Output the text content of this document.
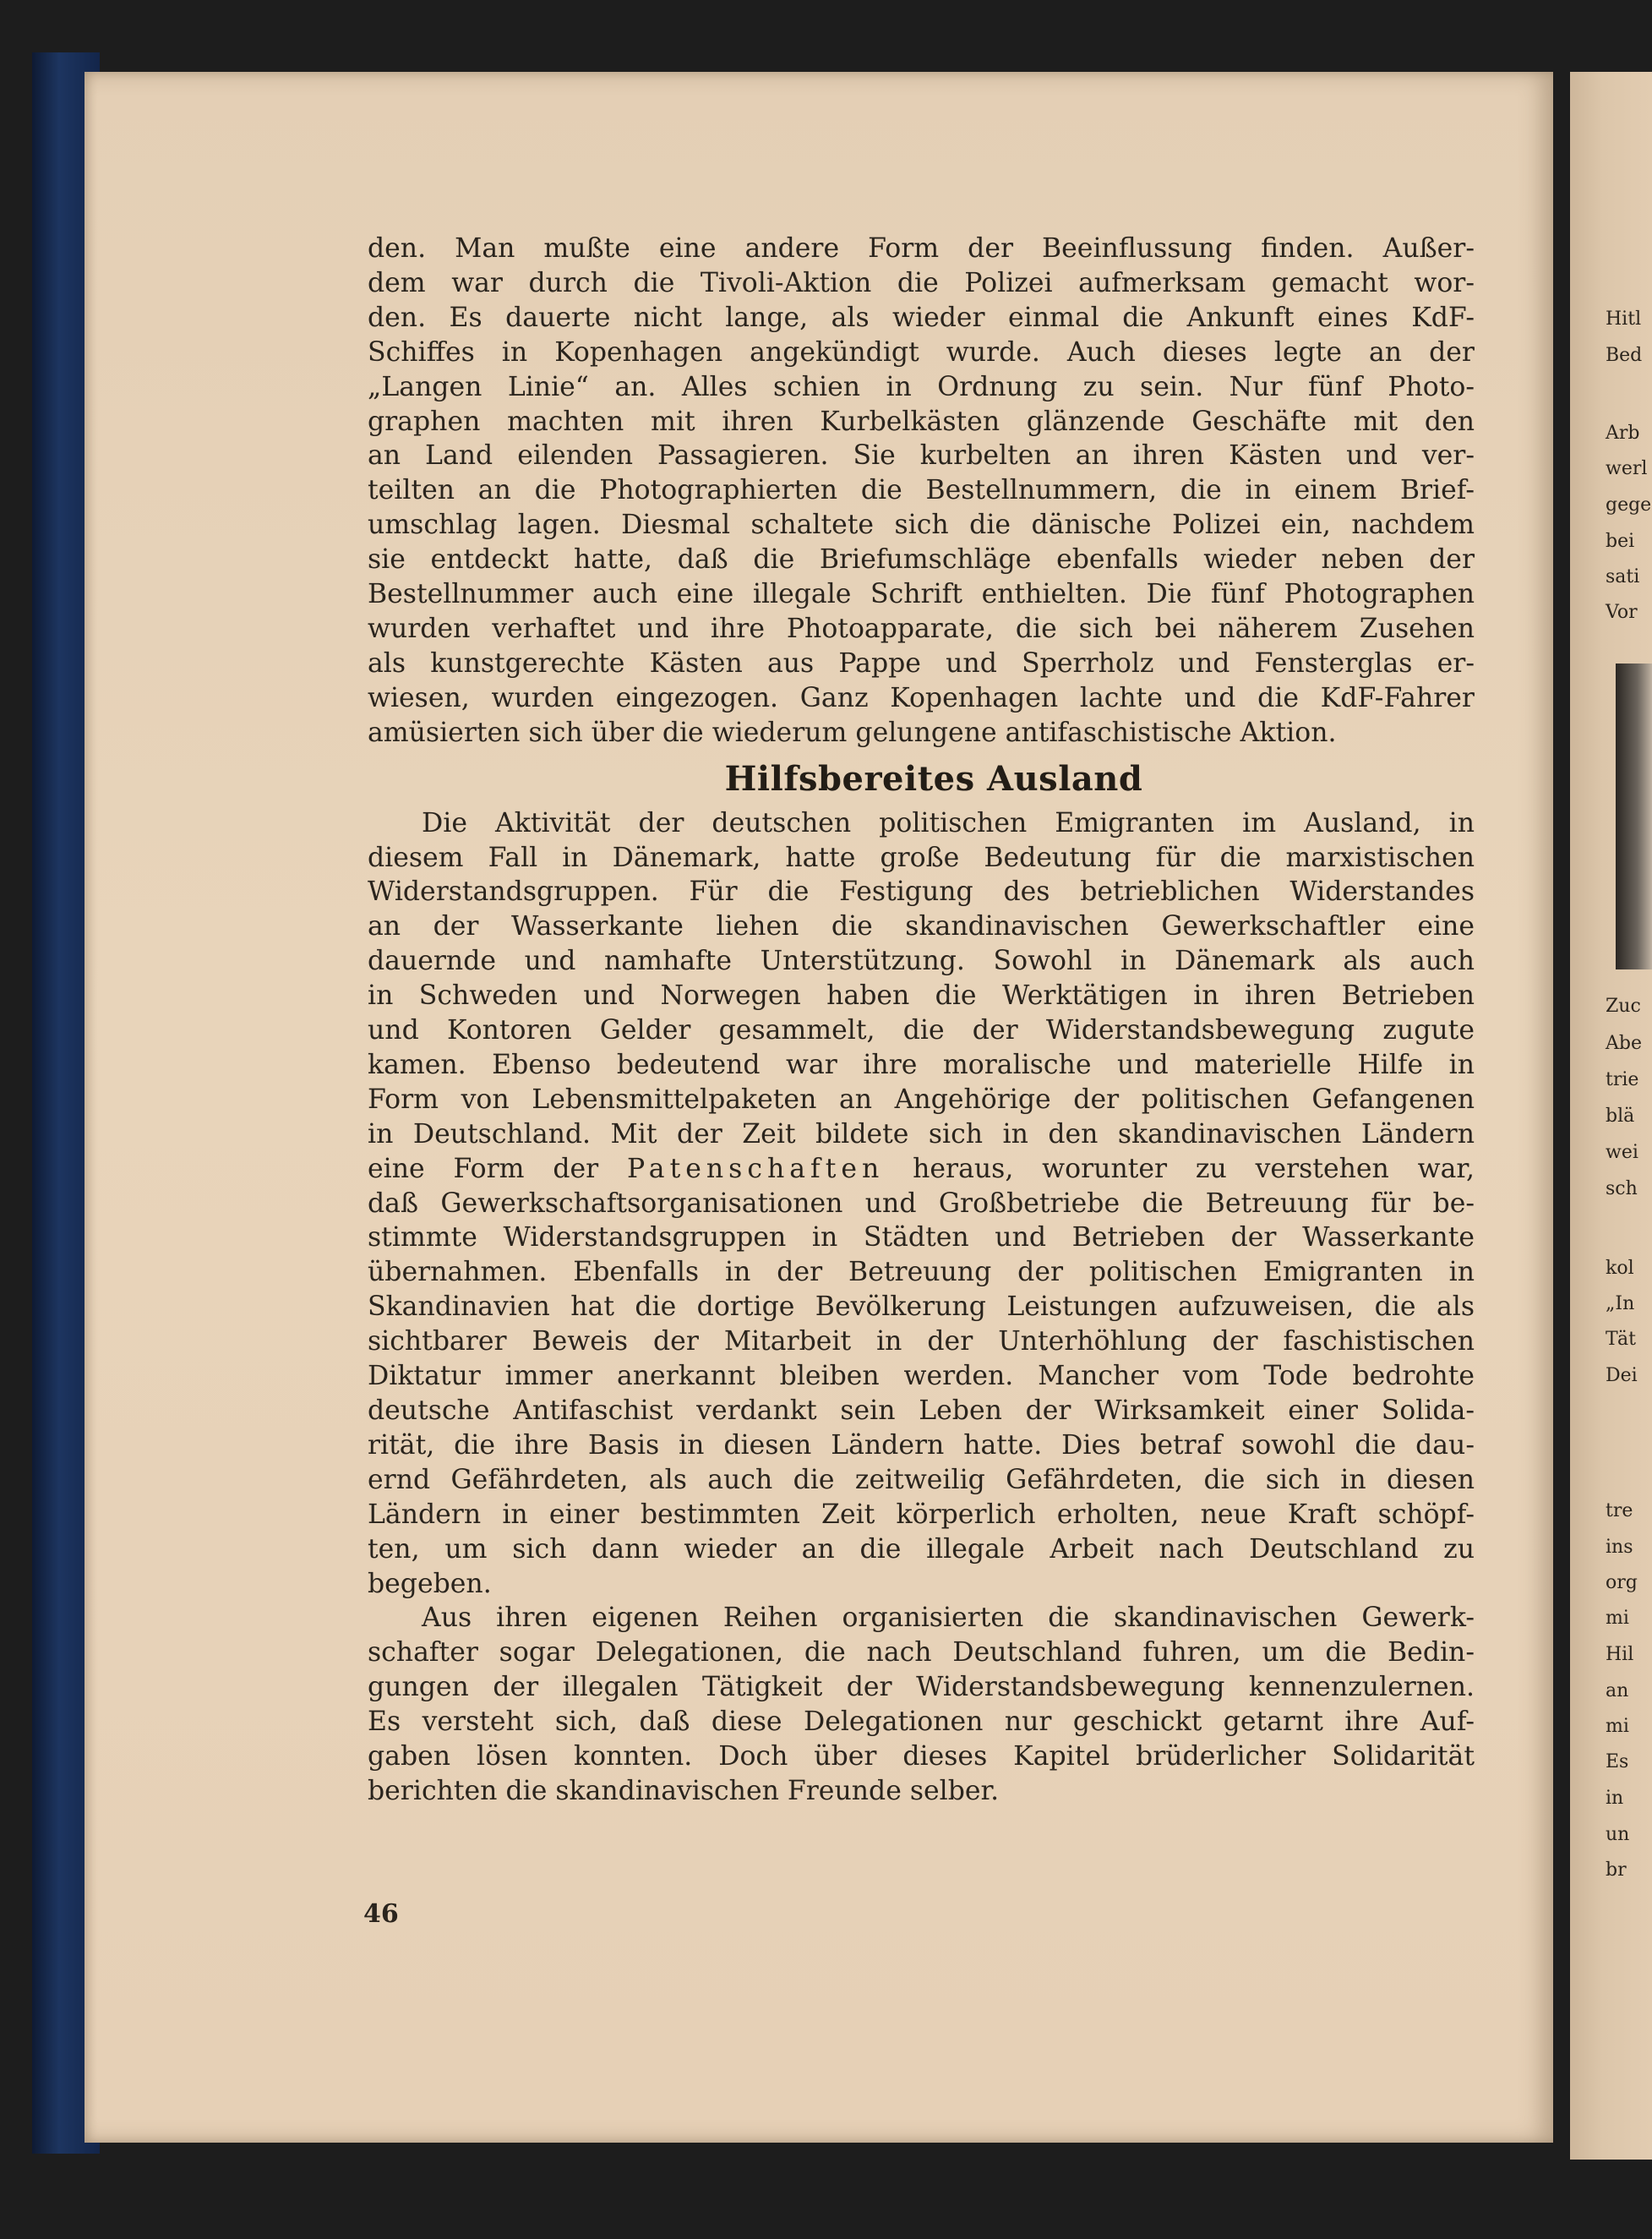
den. Man mußte eine andere Form der Beeinflussung finden. Außer-
dem war durch die Tivoli-Aktion die Polizei aufmerksam gemacht wor-
den. Es dauerte nicht lange, als wieder einmal die Ankunft eines KdF-
Schiffes in Kopenhagen angekündigt wurde. Auch dieses legte an der
„Langen Linie“ an. Alles schien in Ordnung zu sein. Nur fünf Photo-
graphen machten mit ihren Kurbelkästen glänzende Geschäfte mit den
an Land eilenden Passagieren. Sie kurbelten an ihren Kästen und ver-
teilten an die Photographierten die Bestellnummern, die in einem Brief-
umschlag lagen. Diesmal schaltete sich die dänische Polizei ein, nachdem
sie entdeckt hatte, daß die Briefumschläge ebenfalls wieder neben der
Bestellnummer auch eine illegale Schrift enthielten. Die fünf Photographen
wurden verhaftet und ihre Photoapparate, die sich bei näherem Zusehen
als kunstgerechte Kästen aus Pappe und Sperrholz und Fensterglas er-
wiesen, wurden eingezogen. Ganz Kopenhagen lachte und die KdF-Fahrer
amüsierten sich über die wiederum gelungene antifaschistische Aktion.
Hilfsbereites Ausland
Die Aktivität der deutschen politischen Emigranten im Ausland, in
diesem Fall in Dänemark, hatte große Bedeutung für die marxistischen
Widerstandsgruppen. Für die Festigung des betrieblichen Widerstandes
an der Wasserkante liehen die skandinavischen Gewerkschaftler eine
dauernde und namhafte Unterstützung. Sowohl in Dänemark als auch
in Schweden und Norwegen haben die Werktätigen in ihren Betrieben
und Kontoren Gelder gesammelt, die der Widerstandsbewegung zugute
kamen. Ebenso bedeutend war ihre moralische und materielle Hilfe in
Form von Lebensmittelpaketen an Angehörige der politischen Gefangenen
in Deutschland. Mit der Zeit bildete sich in den skandinavischen Ländern
eine Form der Patenschaften heraus, worunter zu verstehen war,
daß Gewerkschaftsorganisationen und Großbetriebe die Betreuung für be-
stimmte Widerstandsgruppen in Städten und Betrieben der Wasserkante
übernahmen. Ebenfalls in der Betreuung der politischen Emigranten in
Skandinavien hat die dortige Bevölkerung Leistungen aufzuweisen, die als
sichtbarer Beweis der Mitarbeit in der Unterhöhlung der faschistischen
Diktatur immer anerkannt bleiben werden. Mancher vom Tode bedrohte
deutsche Antifaschist verdankt sein Leben der Wirksamkeit einer Solida-
rität, die ihre Basis in diesen Ländern hatte. Dies betraf sowohl die dau-
ernd Gefährdeten, als auch die zeitweilig Gefährdeten, die sich in diesen
Ländern in einer bestimmten Zeit körperlich erholten, neue Kraft schöpf-
ten, um sich dann wieder an die illegale Arbeit nach Deutschland zu
begeben.
Aus ihren eigenen Reihen organisierten die skandinavischen Gewerk-
schafter sogar Delegationen, die nach Deutschland fuhren, um die Bedin-
gungen der illegalen Tätigkeit der Widerstandsbewegung kennenzulernen.
Es versteht sich, daß diese Delegationen nur geschickt getarnt ihre Auf-
gaben lösen konnten. Doch über dieses Kapitel brüderlicher Solidarität
berichten die skandinavischen Freunde selber.
46
Hitl
Bed
Arb
werl
gege
bei
sati
Vor
Zuc
Abe
trie
blä
wei
sch
kol
„In
Tät
Dei
tre
ins
org
mi
Hil
an
mi
Es
in
un
br
